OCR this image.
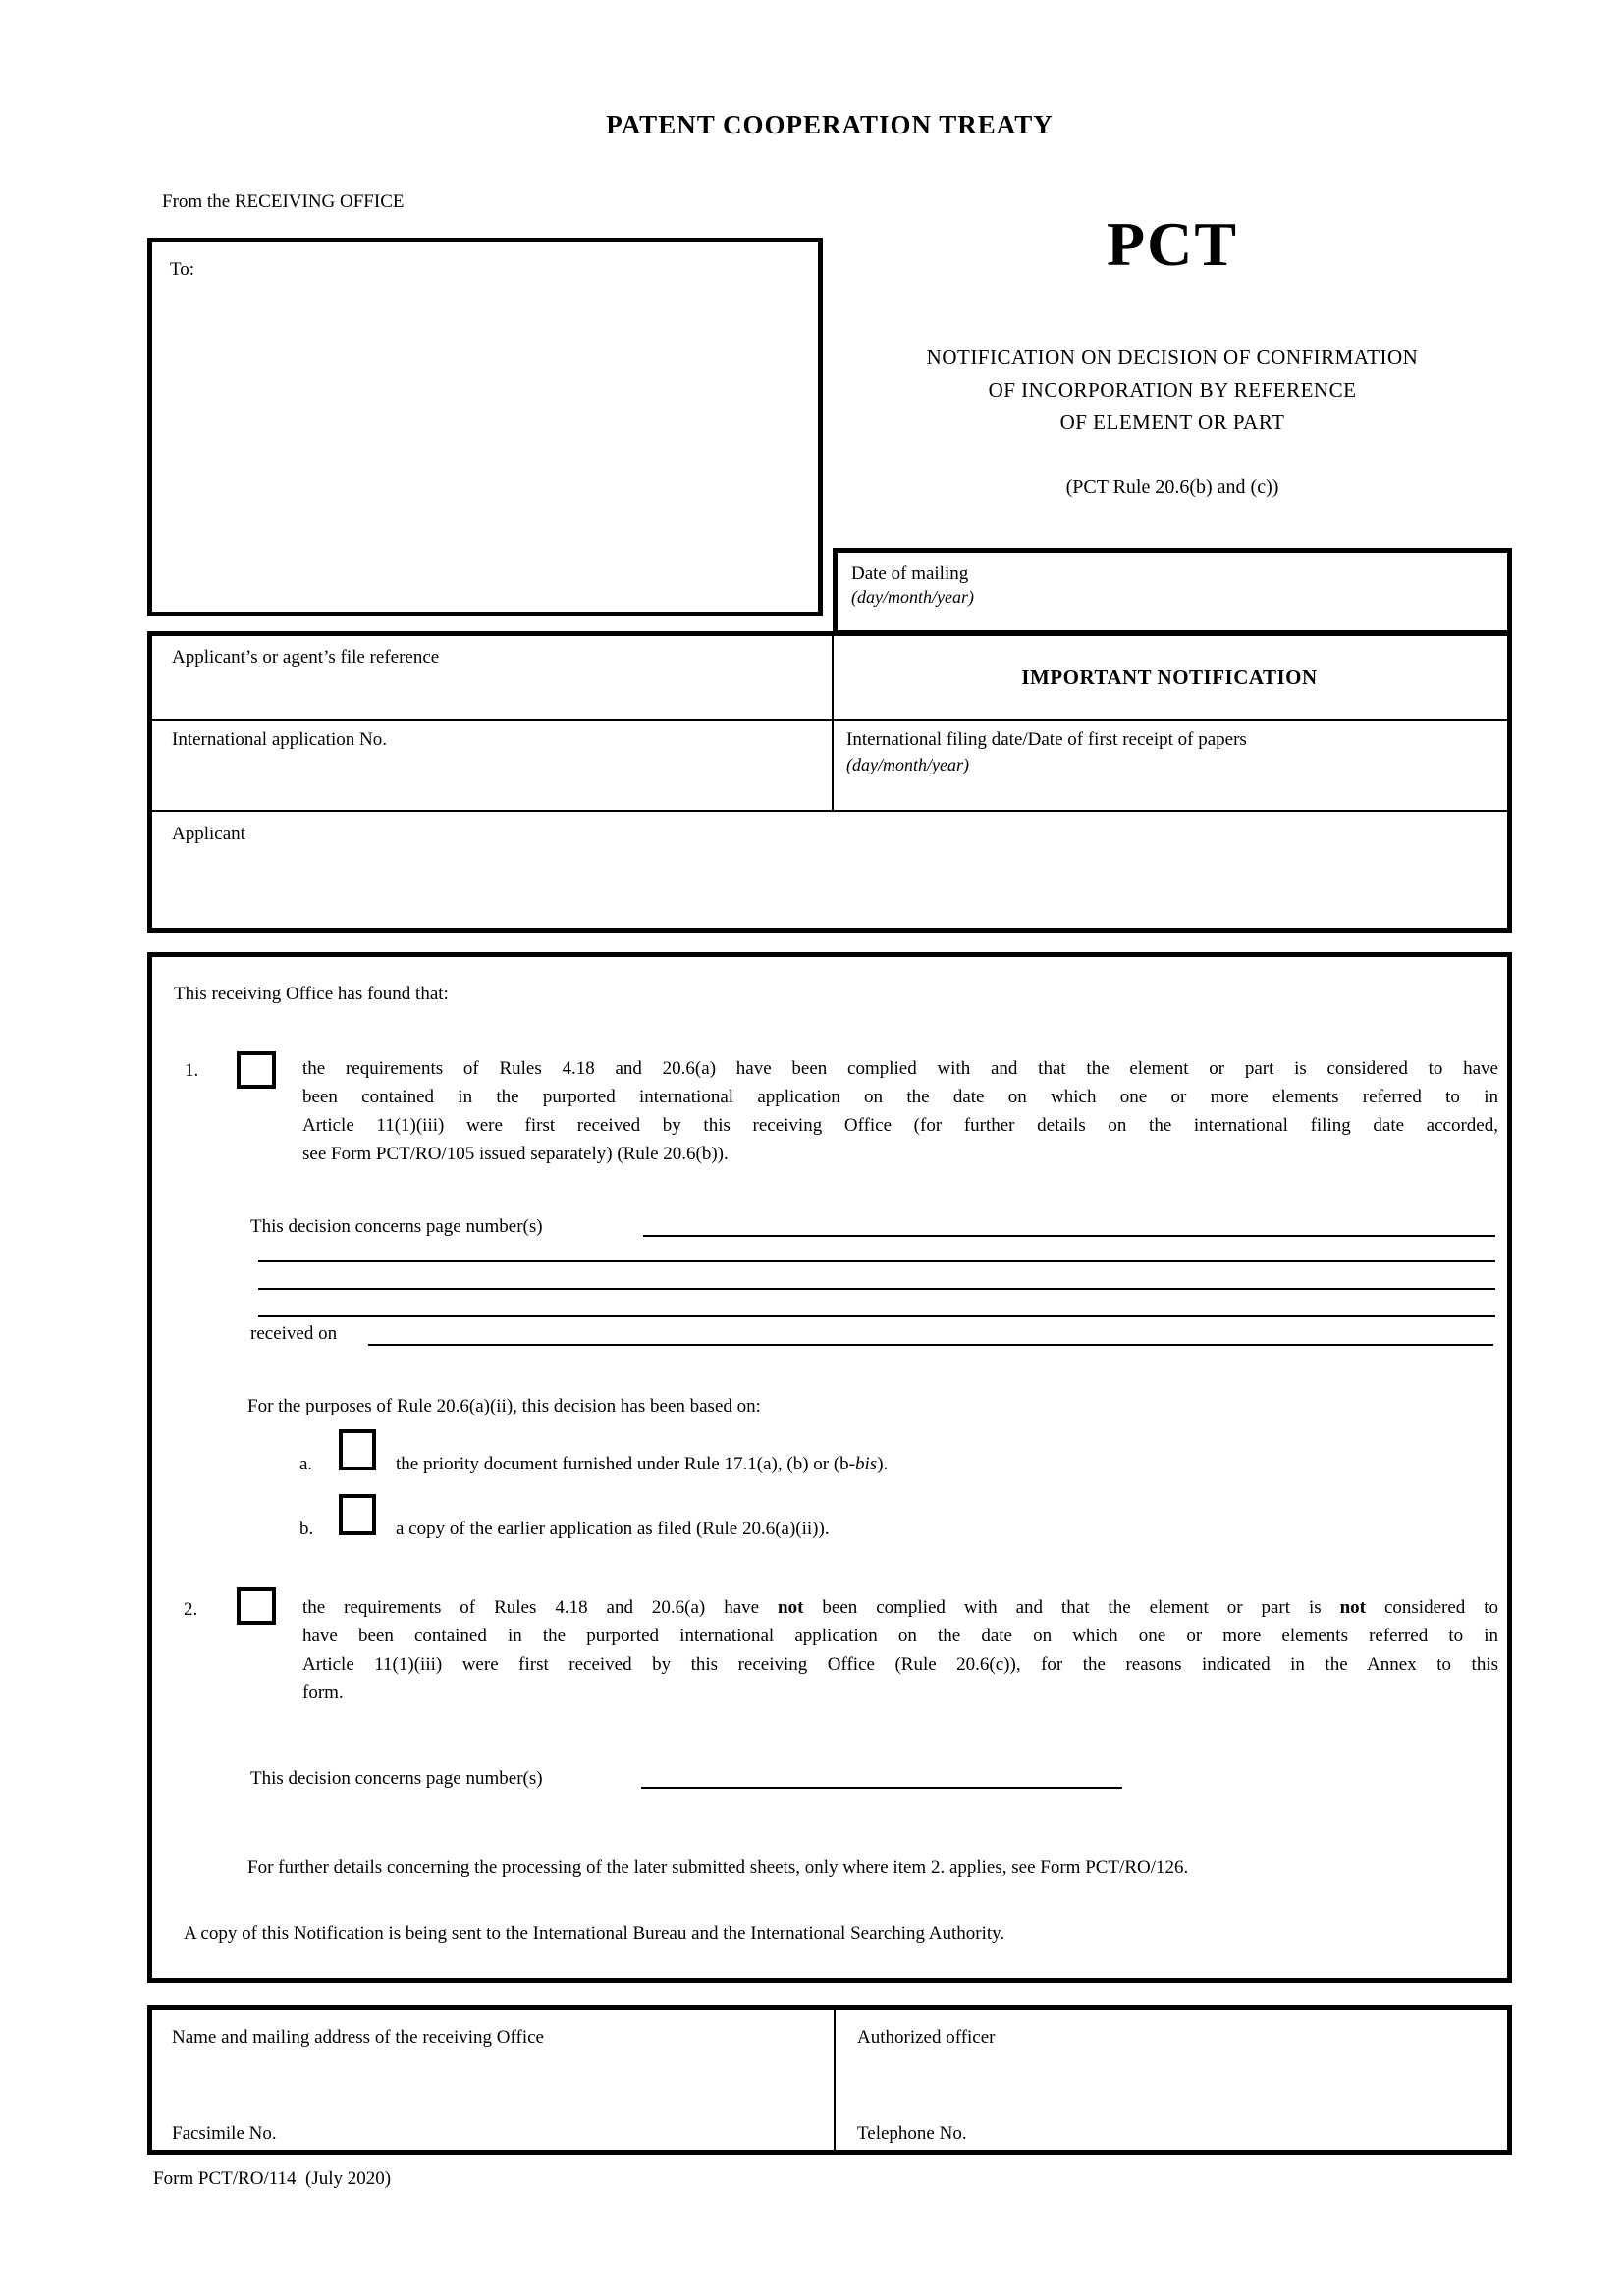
PATENT COOPERATION TREATY
From the RECEIVING OFFICE
To:	PCT
NOTIFICATION ON DECISION OF CONFIRMATION
OF INCORPORATION BY REFERENCE
OF ELEMENT OR PART
(PCT Rule 20.6(b) and (c))
Date of mailing
(day/month/year)
Applicant’s or agent’s file reference
IMPORTANT NOTIFICATION
International application No.	International filing date/Date of first receipt of papers
(day/month/year)
Applicant
This receiving Office has found that:
1.	the requirements of Rules 4.18 and 20.6(a) have been complied with and that the element or part is considered to have
been contained in the purported international application on the date on which one or more elements referred to in
Article 11(1)(iii) were first received by this receiving Office (for further details on the international filing date accorded,
see Form PCT/RO/105 issued separately) (Rule 20.6(b)).
This decision concerns page number(s)
received on
For the purposes of Rule 20.6(a)(ii), this decision has been based on:
a.	the priority document furnished under Rule 17.1(a), (b) or (b-bis).
b.	a copy of the earlier application as filed (Rule 20.6(a)(ii)).
2.	the requirements of Rules 4.18 and 20.6(a) have not been complied with and that the element or part is not considered to
have been contained in the purported international application on the date on which one or more elements referred to in
Article 11(1)(iii) were first received by this receiving Office (Rule 20.6(c)), for the reasons indicated in the Annex to this
form.
This decision concerns page number(s)
For further details concerning the processing of the later submitted sheets, only where item 2. applies, see Form PCT/RO/126.
A copy of this Notification is being sent to the International Bureau and the International Searching Authority.
Name and mailing address of the receiving Office	Authorized officer
Facsimile No.	Telephone No.
Form PCT/RO/114  (July 2020)
